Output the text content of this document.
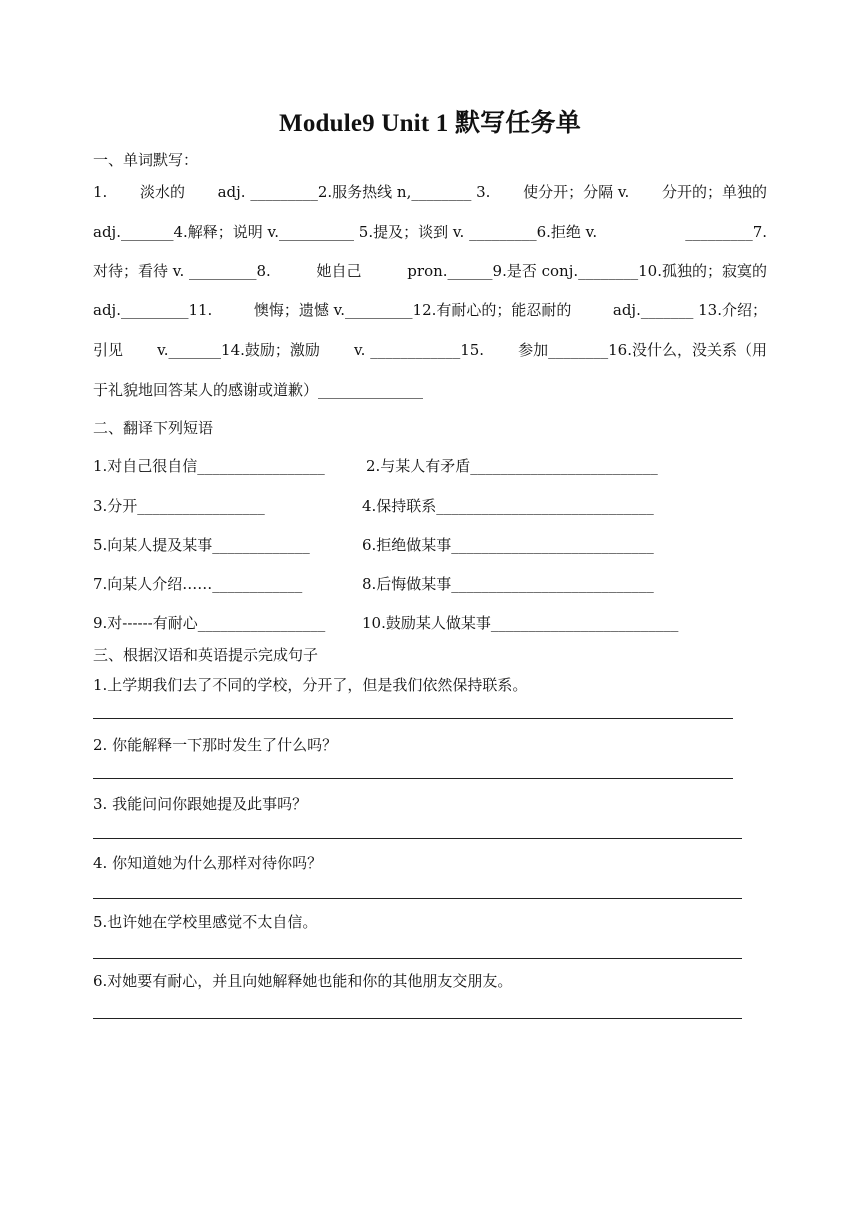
Module9 Unit 1 默写任务单
一、单词默写：
1. 淡水的 adj. _________2.服务热线 n,________ 3. 使分开；分隔 v. 分开的；单独的
adj._______4.解释；说明 v.__________ 5.提及；谈到 v. _________6.拒绝 v.	_________7.
对待；看待 v. _________8.	她自己	pron.______9.是否 conj.________10.孤独的；寂寞的
adj._________11.	懊悔；遗憾 v._________12.有耐心的；能忍耐的	adj._______ 13.介绍；
引见 v._______14.鼓励；激励 v. ____________15. 参加________16.没什么，没关系（用
于礼貌地回答某人的感谢或道歉）______________
二、翻译下列短语
1.对自己很自信_________________	2.与某人有矛盾_________________________
3.分开_________________	4.保持联系_____________________________
5.向某人提及某事_____________	6.拒绝做某事___________________________
7.向某人介绍……____________	8.后悔做某事___________________________
9.对------有耐心_________________ 10.鼓励某人做某事_________________________
三、根据汉语和英语提示完成句子
1.上学期我们去了不同的学校，分开了，但是我们依然保持联系。
2. 你能解释一下那时发生了什么吗？
3. 我能问问你跟她提及此事吗？
4. 你知道她为什么那样对待你吗？
5.也许她在学校里感觉不太自信。
6.对她要有耐心，并且向她解释她也能和你的其他朋友交朋友。
